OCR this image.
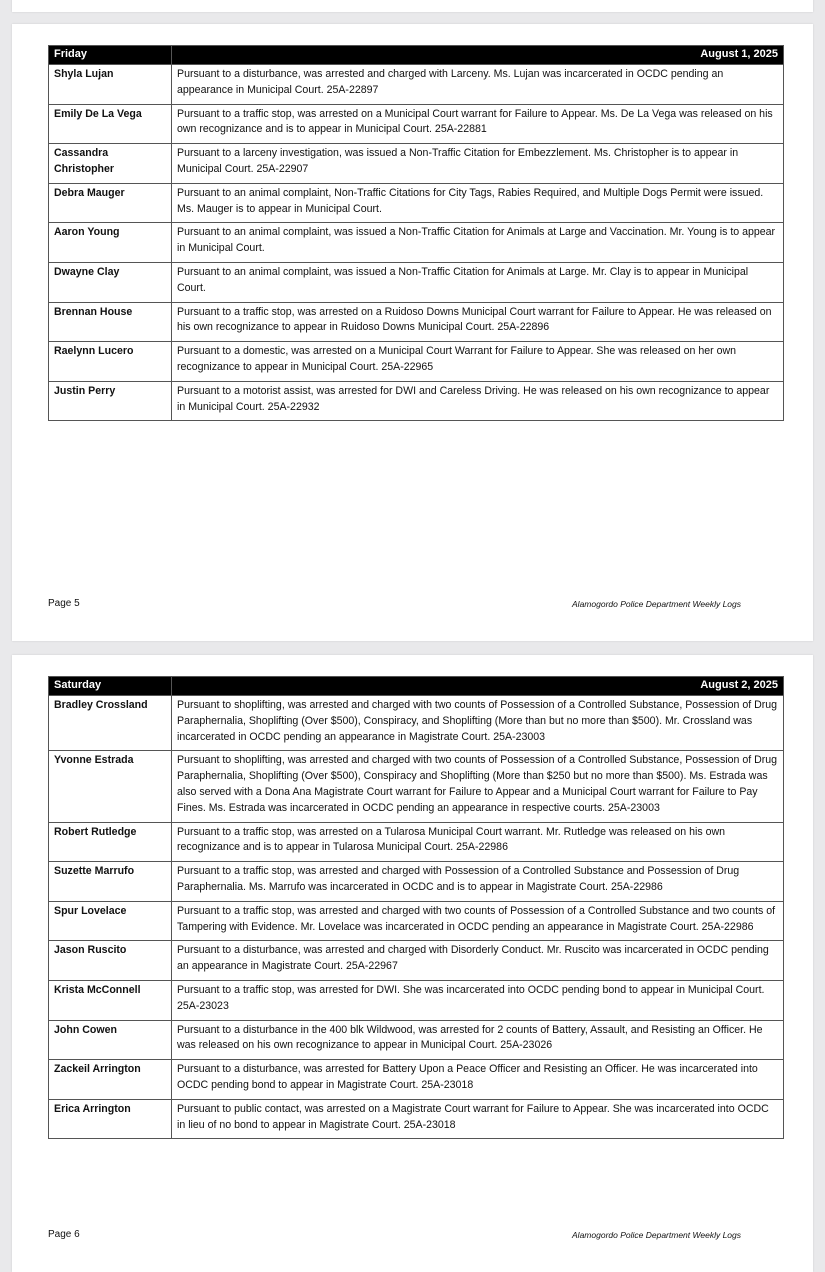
Friday	August 1, 2025
Shyla Lujan	Pursuant to a disturbance, was arrested and charged with Larceny. Ms. Lujan was incarcerated in OCDC pending an appearance in Municipal Court. 25A-22897
Emily De La Vega	Pursuant to a traffic stop, was arrested on a Municipal Court warrant for Failure to Appear. Ms. De La Vega was released on his own recognizance and is to appear in Municipal Court. 25A-22881
Cassandra Christopher	Pursuant to a larceny investigation, was issued a Non-Traffic Citation for Embezzlement. Ms. Christopher is to appear in Municipal Court. 25A-22907
Debra Mauger	Pursuant to an animal complaint, Non-Traffic Citations for City Tags, Rabies Required, and Multiple Dogs Permit were issued. Ms. Mauger is to appear in Municipal Court.
Aaron Young	Pursuant to an animal complaint, was issued a Non-Traffic Citation for Animals at Large and Vaccination. Mr. Young is to appear in Municipal Court.
Dwayne Clay	Pursuant to an animal complaint, was issued a Non-Traffic Citation for Animals at Large. Mr. Clay is to appear in Municipal Court.
Brennan House	Pursuant to a traffic stop, was arrested on a Ruidoso Downs Municipal Court warrant for Failure to Appear. He was released on his own recognizance to appear in Ruidoso Downs Municipal Court. 25A-22896
Raelynn Lucero	Pursuant to a domestic, was arrested on a Municipal Court Warrant for Failure to Appear. She was released on her own recognizance to appear in Municipal Court. 25A-22965
Justin Perry	Pursuant to a motorist assist, was arrested for DWI and Careless Driving. He was released on his own recognizance to appear in Municipal Court. 25A-22932
Page 5	Alamogordo Police Department Weekly Logs
Saturday	August 2, 2025
Bradley Crossland	Pursuant to shoplifting, was arrested and charged with two counts of Possession of a Controlled Substance, Possession of Drug Paraphernalia, Shoplifting (Over $500), Conspiracy, and Shoplifting (More than but no more than $500). Mr. Crossland was incarcerated in OCDC pending an appearance in Magistrate Court. 25A-23003
Yvonne Estrada	Pursuant to shoplifting, was arrested and charged with two counts of Possession of a Controlled Substance, Possession of Drug Paraphernalia, Shoplifting (Over $500), Conspiracy and Shoplifting (More than $250 but no more than $500). Ms. Estrada was also served with a Dona Ana Magistrate Court warrant for Failure to Appear and a Municipal Court warrant for Failure to Pay Fines. Ms. Estrada was incarcerated in OCDC pending an appearance in respective courts. 25A-23003
Robert Rutledge	Pursuant to a traffic stop, was arrested on a Tularosa Municipal Court warrant. Mr. Rutledge was released on his own recognizance and is to appear in Tularosa Municipal Court. 25A-22986
Suzette Marrufo	Pursuant to a traffic stop, was arrested and charged with Possession of a Controlled Substance and Possession of Drug Paraphernalia. Ms. Marrufo was incarcerated in OCDC and is to appear in Magistrate Court. 25A-22986
Spur Lovelace	Pursuant to a traffic stop, was arrested and charged with two counts of Possession of a Controlled Substance and two counts of Tampering with Evidence. Mr. Lovelace was incarcerated in OCDC pending an appearance in Magistrate Court. 25A-22986
Jason Ruscito	Pursuant to a disturbance, was arrested and charged with Disorderly Conduct. Mr. Ruscito was incarcerated in OCDC pending an appearance in Magistrate Court. 25A-22967
Krista McConnell	Pursuant to a traffic stop, was arrested for DWI. She was incarcerated into OCDC pending bond to appear in Municipal Court. 25A-23023
John Cowen	Pursuant to a disturbance in the 400 blk Wildwood, was arrested for 2 counts of Battery, Assault, and Resisting an Officer. He was released on his own recognizance to appear in Municipal Court. 25A-23026
Zackeil Arrington	Pursuant to a disturbance, was arrested for Battery Upon a Peace Officer and Resisting an Officer. He was incarcerated into OCDC pending bond to appear in Magistrate Court. 25A-23018
Erica Arrington	Pursuant to public contact, was arrested on a Magistrate Court warrant for Failure to Appear. She was incarcerated into OCDC in lieu of no bond to appear in Magistrate Court. 25A-23018
Page 6	Alamogordo Police Department Weekly Logs
